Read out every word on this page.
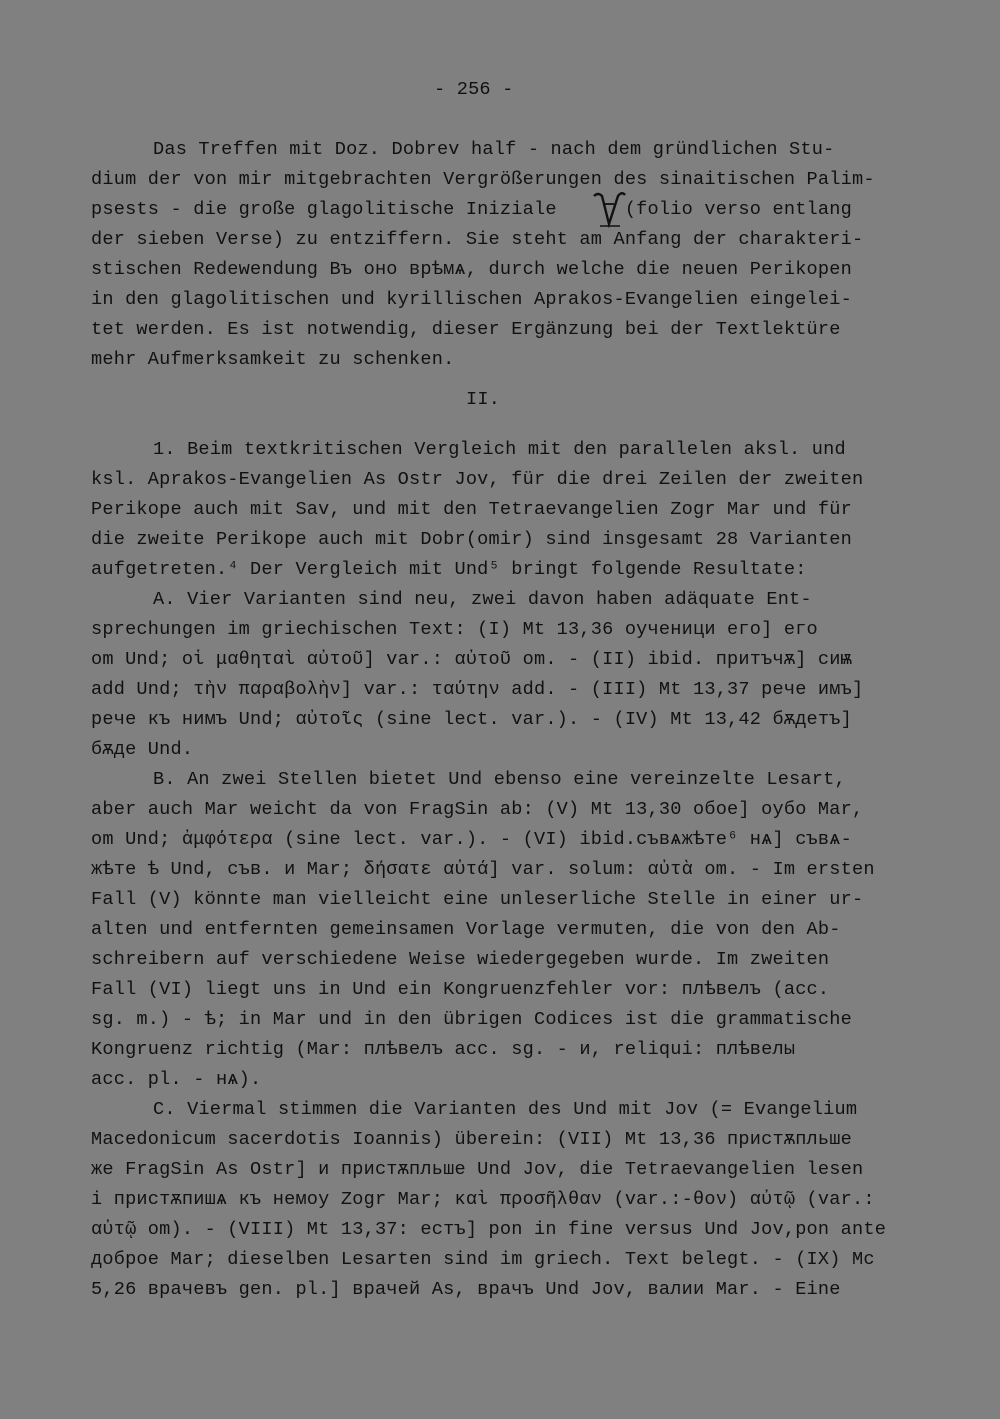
- 256 -
Das Treffen mit Doz. Dobrev half - nach dem gründlichen Stu-
dium der von mir mitgebrachten Vergrößerungen des sinaitischen Palim-
psests - die große glagolitische Iniziale      (folio verso entlang
der sieben Verse) zu entziffern. Sie steht am Anfang der charakteri-
stischen Redewendung Въ оно врѣмѧ, durch welche die neuen Perikopen
in den glagolitischen und kyrillischen Aprakos-Evangelien eingelei-
tet werden. Es ist notwendig, dieser Ergänzung bei der Textlektüre
mehr Aufmerksamkeit zu schenken.
II.
1. Beim textkritischen Vergleich mit den parallelen aksl. und
ksl. Aprakos-Evangelien As Ostr Jov, für die drei Zeilen der zweiten
Perikope auch mit Sav, und mit den Tetraevangelien Zogr Mar und für
die zweite Perikope auch mit Dobr(omir) sind insgesamt 28 Varianten
aufgetreten.⁴ Der Vergleich mit Und⁵ bringt folgende Resultate:
A. Vier Varianten sind neu, zwei davon haben adäquate Ent-
sprechungen im griechischen Text: (I) Mt 13,36 оученици его] его
om Und; οἱ μαθηταὶ αὐτοῦ] var.: αὐτοῦ om. - (II) ibid. притъчѫ] сиѭ
add Und; τὴν παραβολὴν] var.: ταύτην add. - (III) Mt 13,37 рече имъ]
рече къ нимъ Und; αὐτοῖς (sine lect. var.). - (IV) Mt 13,42 бѫдетъ]
бѫде Und.
B. An zwei Stellen bietet Und ebenso eine vereinzelte Lesart,
aber auch Mar weicht da von FragSin ab: (V) Mt 13,30 обое] оубо Mar,
om Und; ἀμφότερα (sine lect. var.). - (VI) ibid.съвѧжѣте⁶ нѧ] съвѧ-
жѣте ѣ Und, съв. и Mar; δήσατε αὐτά] var. solum: αὐτὰ om. - Im ersten
Fall (V) könnte man vielleicht eine unleserliche Stelle in einer ur-
alten und entfernten gemeinsamen Vorlage vermuten, die von den Ab-
schreibern auf verschiedene Weise wiedergegeben wurde. Im zweiten
Fall (VI) liegt uns in Und ein Kongruenzfehler vor: плѣвелъ (acc.
sg. m.) - ѣ; in Mar und in den übrigen Codices ist die grammatische
Kongruenz richtig (Mar: плѣвелъ acc. sg. - и, reliqui: плѣвелы
acc. pl. - нѧ).
C. Viermal stimmen die Varianten des Und mit Jov (= Evangelium
Macedonicum sacerdotis Ioannis) überein: (VII) Mt 13,36 пристѫпльше
же FragSin As Ostr] и пристѫпльше Und Jov, die Tetraevangelien lesen
і пристѫпишѧ къ немоу Zogr Mar; καὶ προσῆλθαν (var.:-θον) αὐτῷ (var.:
αὐτῷ om). - (VIII) Mt 13,37: естъ] pon in fine versus Und Jov,pon ante
доброе Mar; dieselben Lesarten sind im griech. Text belegt. - (IX) Mc
5,26 врачевъ gen. pl.] врачей As, врачъ Und Jov, валии Mar. - Eine
